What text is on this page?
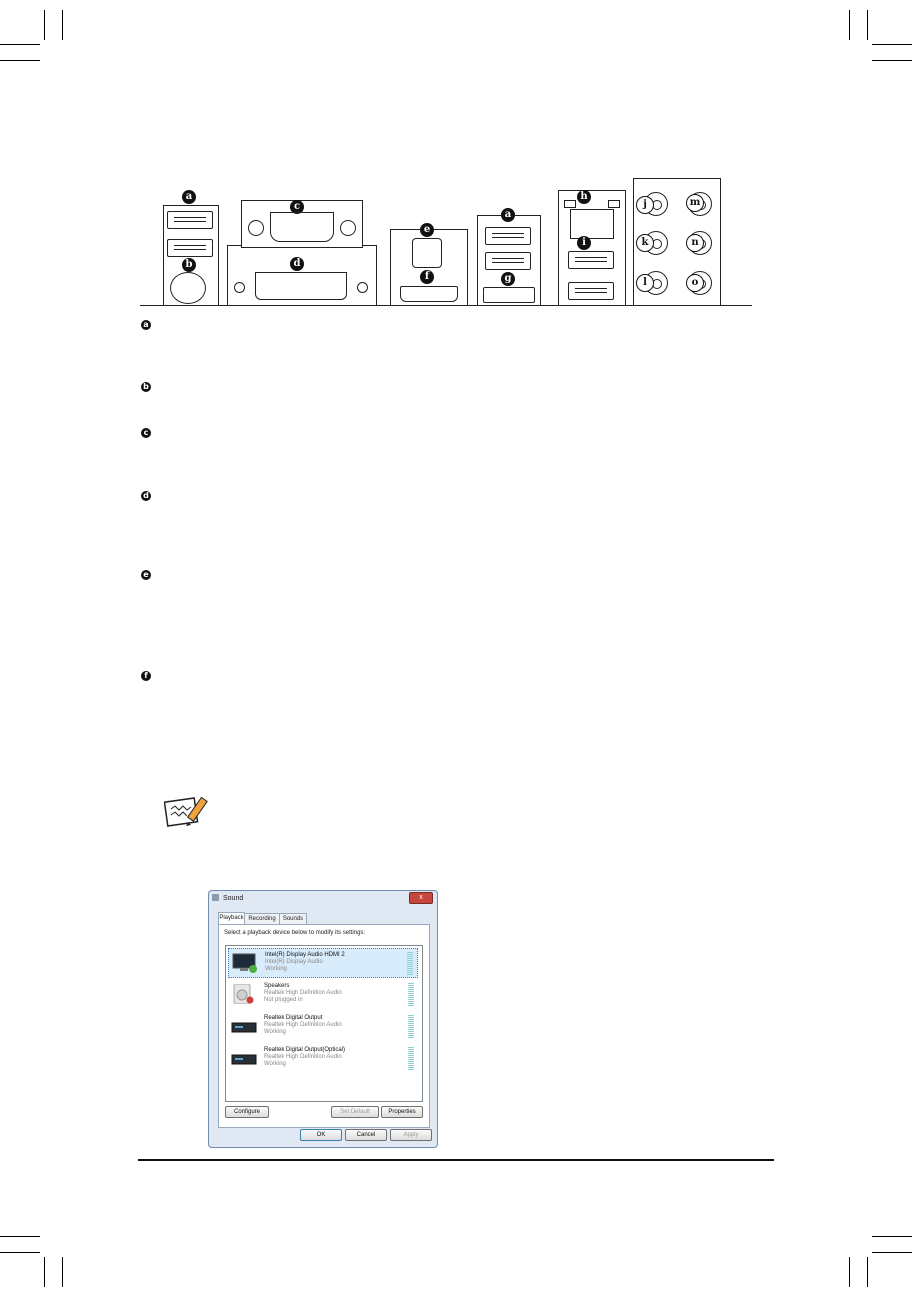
a
b
c
d
e
f
a
g
h
i
j	m
k	n
l	o
a
b
c
d
e
f
Sound	x
Playback Recording	Sounds
Select a playback device below to modify its settings:
Intel(R) Display Audio HDMI 2
Intel(R) Display Audio
Working
Speakers
Realtek High Definition Audio
Not plugged in
Realtek Digital Output
Realtek High Definition Audio
Working
Realtek Digital Output(Optical)
Realtek High Definition Audio
Working
Configure	Set Default	Properties
OK	Cancel	Apply
